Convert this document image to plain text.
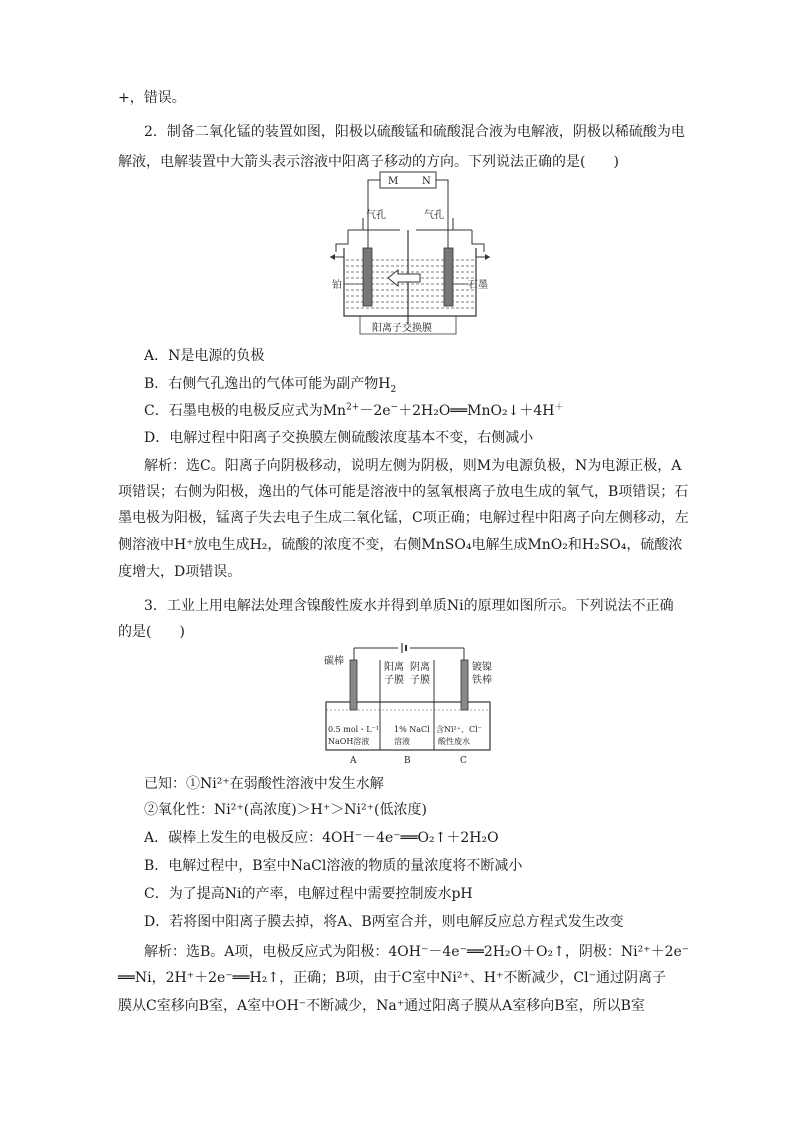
+，错误。
2．制备二氧化锰的装置如图，阳极以硫酸锰和硫酸混合液为电解液，阴极以稀硫酸为电
解液，电解装置中大箭头表示溶液中阳离子移动的方向。下列说法正确的是(　　)
M N
气孔	气孔
铂	石墨
阳离子交换膜
A．N是电源的负极
B．右侧气孔逸出的气体可能为副产物$H_2$
C．石墨电极的电极反应式为$Mn^{2+}-2e^-+2H_2O══MnO_2↓+4H^+$
D．电解过程中阳离子交换膜左侧硫酸浓度基本不变，右侧减小
解析：选C。阳离子向阴极移动，说明左侧为阴极，则M为电源负极，N为电源正极，A
项错误；右侧为阳极，逸出的气体可能是溶液中的氢氧根离子放电生成的氧气，B项错误；石
墨电极为阳极，锰离子失去电子生成二氧化锰，C项正确；电解过程中阳离子向左侧移动，左
侧溶液中H⁺放电生成H₂，硫酸的浓度不变，右侧MnSO₄电解生成MnO₂和H₂SO₄，硫酸浓
度增大，D项错误。
3．工业上用电解法处理含镍酸性废水并得到单质Ni的原理如图所示。下列说法不正确
的是(　　)
碳棒
阳离
子膜
阴离
子膜
镀镍
铁棒
0.5 mol・L⁻¹
NaOH溶液
1% NaCl
溶液
含Ni²⁺、Cl⁻
酸性废水
A	B	C
已知：①Ni²⁺在弱酸性溶液中发生水解
②氧化性：Ni²⁺(高浓度)＞H⁺＞Ni²⁺(低浓度)
A．碳棒上发生的电极反应：4OH⁻－4e⁻══O₂↑＋2H₂O
B．电解过程中，B室中NaCl溶液的物质的量浓度将不断减小
C．为了提高Ni的产率，电解过程中需要控制废水pH
D．若将图中阳离子膜去掉，将A、B两室合并，则电解反应总方程式发生改变
解析：选B。A项，电极反应式为阳极：4OH⁻－4e⁻══2H₂O＋O₂↑，阴极：Ni²⁺＋2e⁻
══Ni，2H⁺＋2e⁻══H₂↑，正确；B项，由于C室中Ni²⁺、H⁺不断减少，Cl⁻通过阴离子
膜从C室移向B室，A室中OH⁻不断减少，Na⁺通过阳离子膜从A室移向B室，所以B室
